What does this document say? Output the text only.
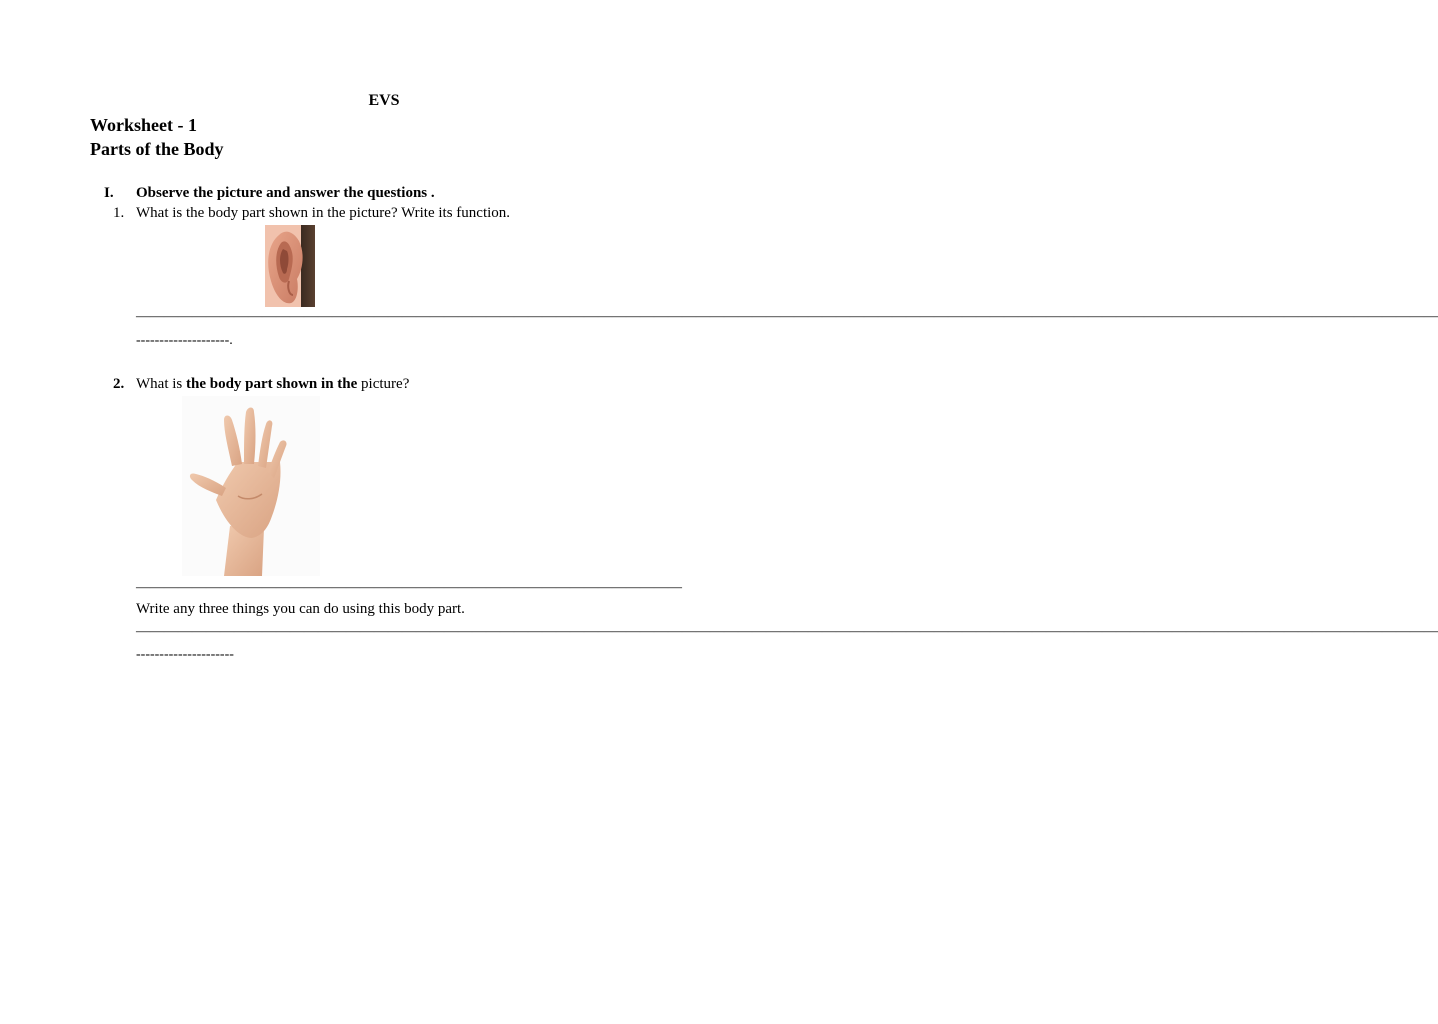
EVS
Worksheet - 1
Parts of the Body
I. Observe the picture and answer the questions .
1. What is the body part shown in the picture? Write its function.
—————————————————————————————————————————————————————————————————————————————————————————————
--------------------.
2. What is the body part shown in the picture?
———————————————————————————————————————
Write any three things you can do using this body part.
—————————————————————————————————————————————————————————————————————————————————————————————
---------------------
